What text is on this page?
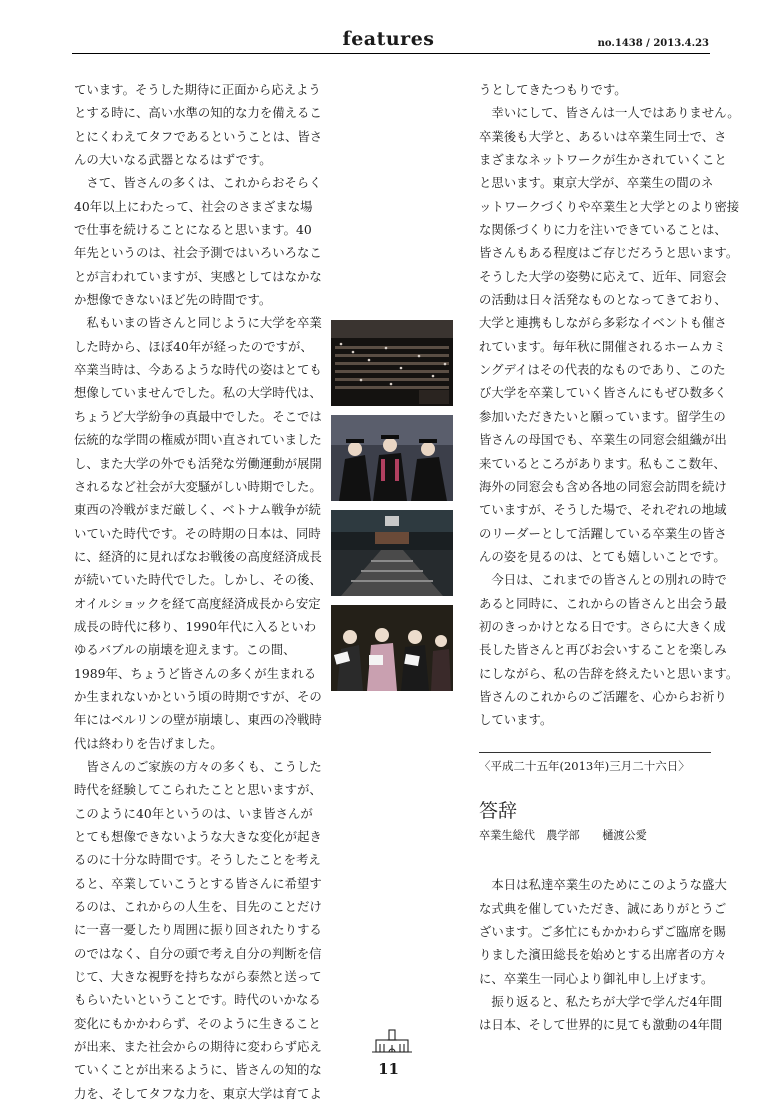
features	no.1438 / 2013.4.23
ています。そうした期待に正面から応えよう
とする時に、高い水準の知的な力を備えるこ
とにくわえてタフであるということは、皆さ
んの大いなる武器となるはずです。
　さて、皆さんの多くは、これからおそらく
40年以上にわたって、社会のさまざまな場
で仕事を続けることになると思います。40
年先というのは、社会予測ではいろいろなこ
とが言われていますが、実感としてはなかな
か想像できないほど先の時間です。
　私もいまの皆さんと同じように大学を卒業
した時から、ほぼ40年が経ったのですが、
卒業当時は、今あるような時代の姿はとても
想像していませんでした。私の大学時代は、
ちょうど大学紛争の真最中でした。そこでは
伝統的な学問の権威が問い直されていました
し、また大学の外でも活発な労働運動が展開
されるなど社会が大変騒がしい時期でした。
東西の冷戦がまだ厳しく、ベトナム戦争が続
いていた時代です。その時期の日本は、同時
に、経済的に見ればなお戦後の高度経済成長
が続いていた時代でした。しかし、その後、
オイルショックを経て高度経済成長から安定
成長の時代に移り、1990年代に入るといわ
ゆるバブルの崩壊を迎えます。この間、
1989年、ちょうど皆さんの多くが生まれる
か生まれないかという頃の時期ですが、その
年にはベルリンの壁が崩壊し、東西の冷戦時
代は終わりを告げました。
　皆さんのご家族の方々の多くも、こうした
時代を経験してこられたことと思いますが、
このように40年というのは、いま皆さんが
とても想像できないような大きな変化が起き
るのに十分な時間です。そうしたことを考え
ると、卒業していこうとする皆さんに希望す
るのは、これからの人生を、目先のことだけ
に一喜一憂したり周囲に振り回されたりする
のではなく、自分の頭で考え自分の判断を信
じて、大きな視野を持ちながら泰然と送って
もらいたいということです。時代のいかなる
変化にもかかわらず、そのように生きること
が出来、また社会からの期待に変わらず応え
ていくことが出来るように、皆さんの知的な
力を、そしてタフな力を、東京大学は育てよ
うとしてきたつもりです。
　幸いにして、皆さんは一人ではありません。
卒業後も大学と、あるいは卒業生同士で、さ
まざまなネットワークが生かされていくこと
と思います。東京大学が、卒業生の間のネ
ットワークづくりや卒業生と大学とのより密接
な関係づくりに力を注いできていることは、
皆さんもある程度はご存じだろうと思います。
そうした大学の姿勢に応えて、近年、同窓会
の活動は日々活発なものとなってきており、
大学と連携もしながら多彩なイベントも催さ
れています。毎年秋に開催されるホームカミ
ングデイはその代表的なものであり、このた
び大学を卒業していく皆さんにもぜひ数多く
参加いただきたいと願っています。留学生の
皆さんの母国でも、卒業生の同窓会組織が出
来ているところがあります。私もここ数年、
海外の同窓会も含め各地の同窓会訪問を続け
ていますが、そうした場で、それぞれの地域
のリーダーとして活躍している卒業生の皆さ
んの姿を見るのは、とても嬉しいことです。
　今日は、これまでの皆さんとの別れの時で
あると同時に、これからの皆さんと出会う最
初のきっかけとなる日です。さらに大きく成
長した皆さんと再びお会いすることを楽しみ
にしながら、私の告辞を終えたいと思います。
皆さんのこれからのご活躍を、心からお祈り
しています。
〈平成二十五年(2013年)三月二十六日〉
答辞
卒業生総代　農学部　　樋渡公愛
　本日は私達卒業生のためにこのような盛大
な式典を催していただき、誠にありがとうご
ざいます。ご多忙にもかかわらずご臨席を賜
りました濱田総長を始めとする出席者の方々
に、卒業生一同心より御礼申し上げます。
　振り返ると、私たちが大学で学んだ4年間
は日本、そして世界的に見ても激動の4年間
11
